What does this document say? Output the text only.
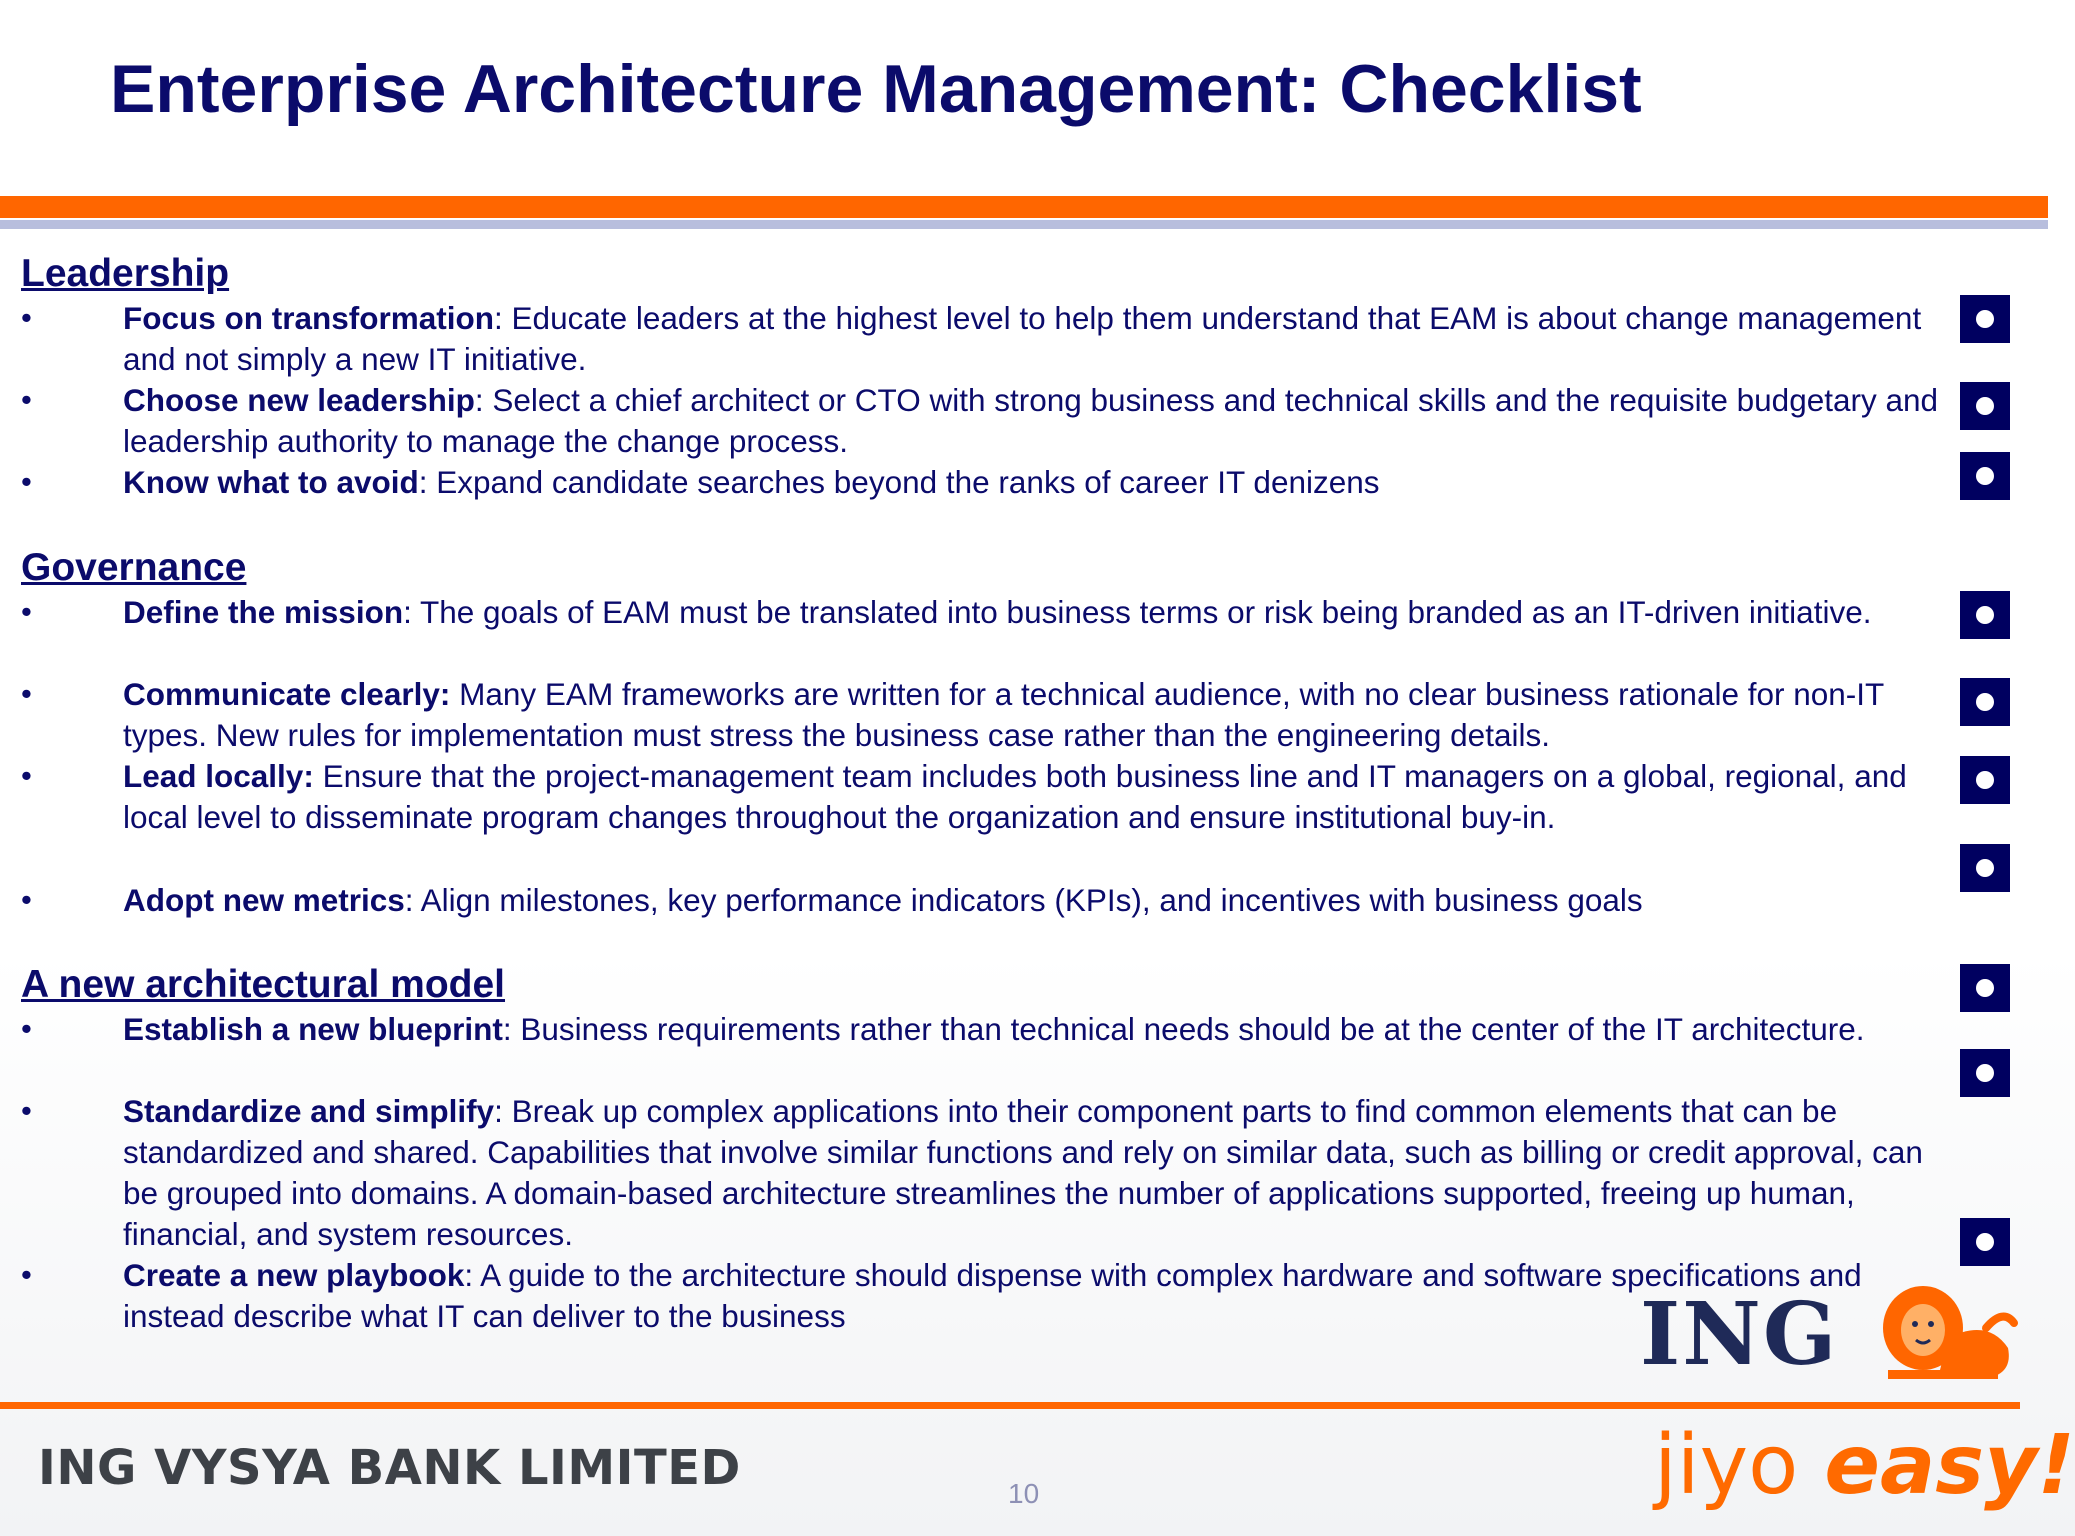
Enterprise Architecture Management: Checklist
Leadership
•	Focus on transformation: Educate leaders at the highest level to help them understand that EAM is about change management and not simply a new IT initiative.

•	Choose new leadership: Select a chief architect or CTO with strong business and technical skills and the requisite budgetary and leadership authority to manage the change process.

•	Know what to avoid: Expand candidate searches beyond the ranks of career IT denizens

Governance
•	Define the mission: The goals of EAM must be translated into business terms or risk being branded as an IT-driven initiative.

•	Communicate clearly: Many EAM frameworks are written for a technical audience, with no clear business rationale for non-IT types. New rules for implementation must stress the business case rather than the engineering details.

•	Lead locally: Ensure that the project-management team includes both business line and IT managers on a global, regional, and local level to disseminate program changes throughout the organization and ensure institutional buy-in.

•	Adopt new metrics: Align milestones, key performance indicators (KPIs), and incentives with business goals

A new architectural model
•	Establish a new blueprint: Business requirements rather than technical needs should be at the center of the IT architecture.

•	Standardize and simplify: Break up complex applications into their component parts to find common elements that can be standardized and shared. Capabilities that involve similar functions and rely on similar data, such as billing or credit approval, can be grouped into domains. A domain-based architecture streamlines the number of applications supported, freeing up human, financial, and system resources.

•	Create a new playbook: A guide to the architecture should dispense with complex hardware and software specifications and instead describe what IT can deliver to the business	ING
ING VYSYA BANK LIMITED	10	jiyo easy!
